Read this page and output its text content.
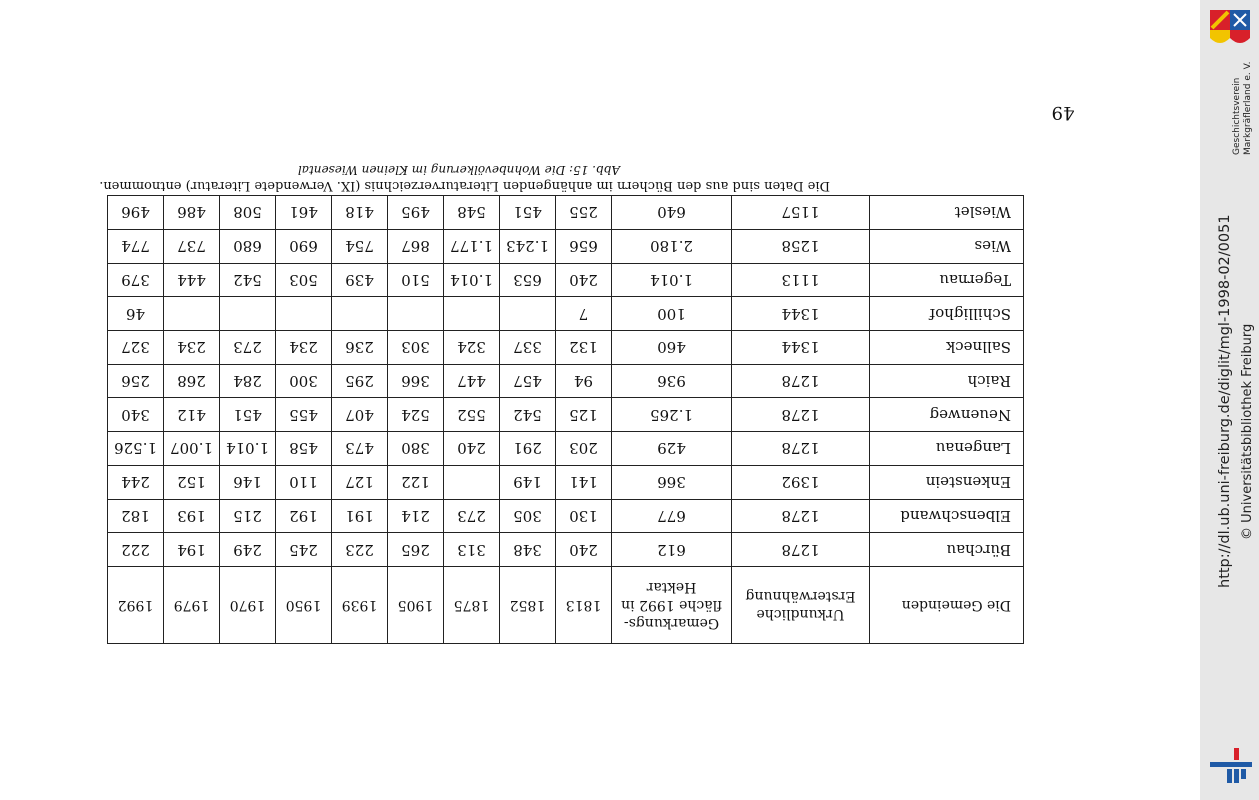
49
Die Gemeinden	Urkundliche Ersterwähnung	Gemarkungs- fläche 1992 in Hektar	1813	1852	1875	1905	1939	1950	1970	1979	1992
Bürchau	1278	612	240	348	313	265	223	245	249	194	222
Elbenschwand	1278	677	130	305	273	214	191	192	215	193	182
Enkenstein	1392	366	141	149		122	127	110	146	152	244
Langenau	1278	429	203	291	240	380	473	458	1.014	1.007	1.526
Neuenweg	1278	1.265	125	542	552	524	407	455	451	412	340
Raich	1278	936	94	457	447	366	295	300	284	268	256
Sallneck	1344	460	132	337	324	303	236	234	273	234	327
Schillighof	1344	100	7								46
Tegernau	1113	1.014	240	653	1.014	510	439	503	542	444	379
Wies	1258	2.180	656	1.243	1.177	867	754	690	680	737	774
Wieslet	1157	640	255	451	548	495	418	461	508	486	496
Abb. 15: Die Wohnbevölkerung im Kleinen Wiesental
Die Daten sind aus den Büchern im anhängenden Literaturverzeichnis (IX. Verwendete Literatur) entnommen.
Geschichtsverein Markgräflerland e. V.
http://dl.ub.uni-freiburg.de/diglit/mgl-1998-02/0051 © Universitätsbibliothek Freiburg
